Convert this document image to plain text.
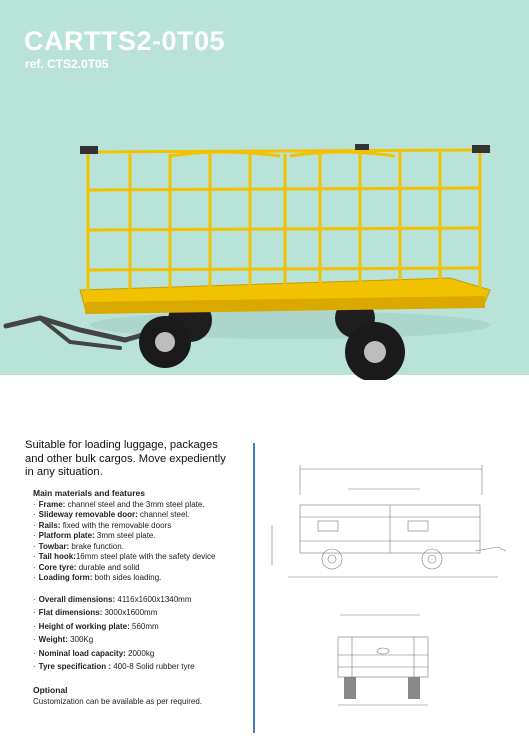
CARTTS2-0T05
ref. CTS2.0T05
Suitable for loading luggage, packages and other bulk cargos. Move expediently in any situation.
Main materials and features
· Frame: channel steel and the 3mm steel plate.
· Slideway removable door: channel steel.
· Rails: fixed with the removable doors
· Platform plate: 3mm steel plate.
· Towbar: brake function.
· Tail hook:16mm steel plate with the safety device
· Core tyre: durable and solid
· Loading form: both sides loading.
· Overall dimensions: 4116x1600x1340mm
· Flat dimensions: 3000x1600mm
· Height of working plate: 560mm
· Weight: 300Kg
· Nominal load capacity: 2000kg
· Tyre specification : 400-8 Solid rubber tyre
Optional
Customization can be available as per required.
